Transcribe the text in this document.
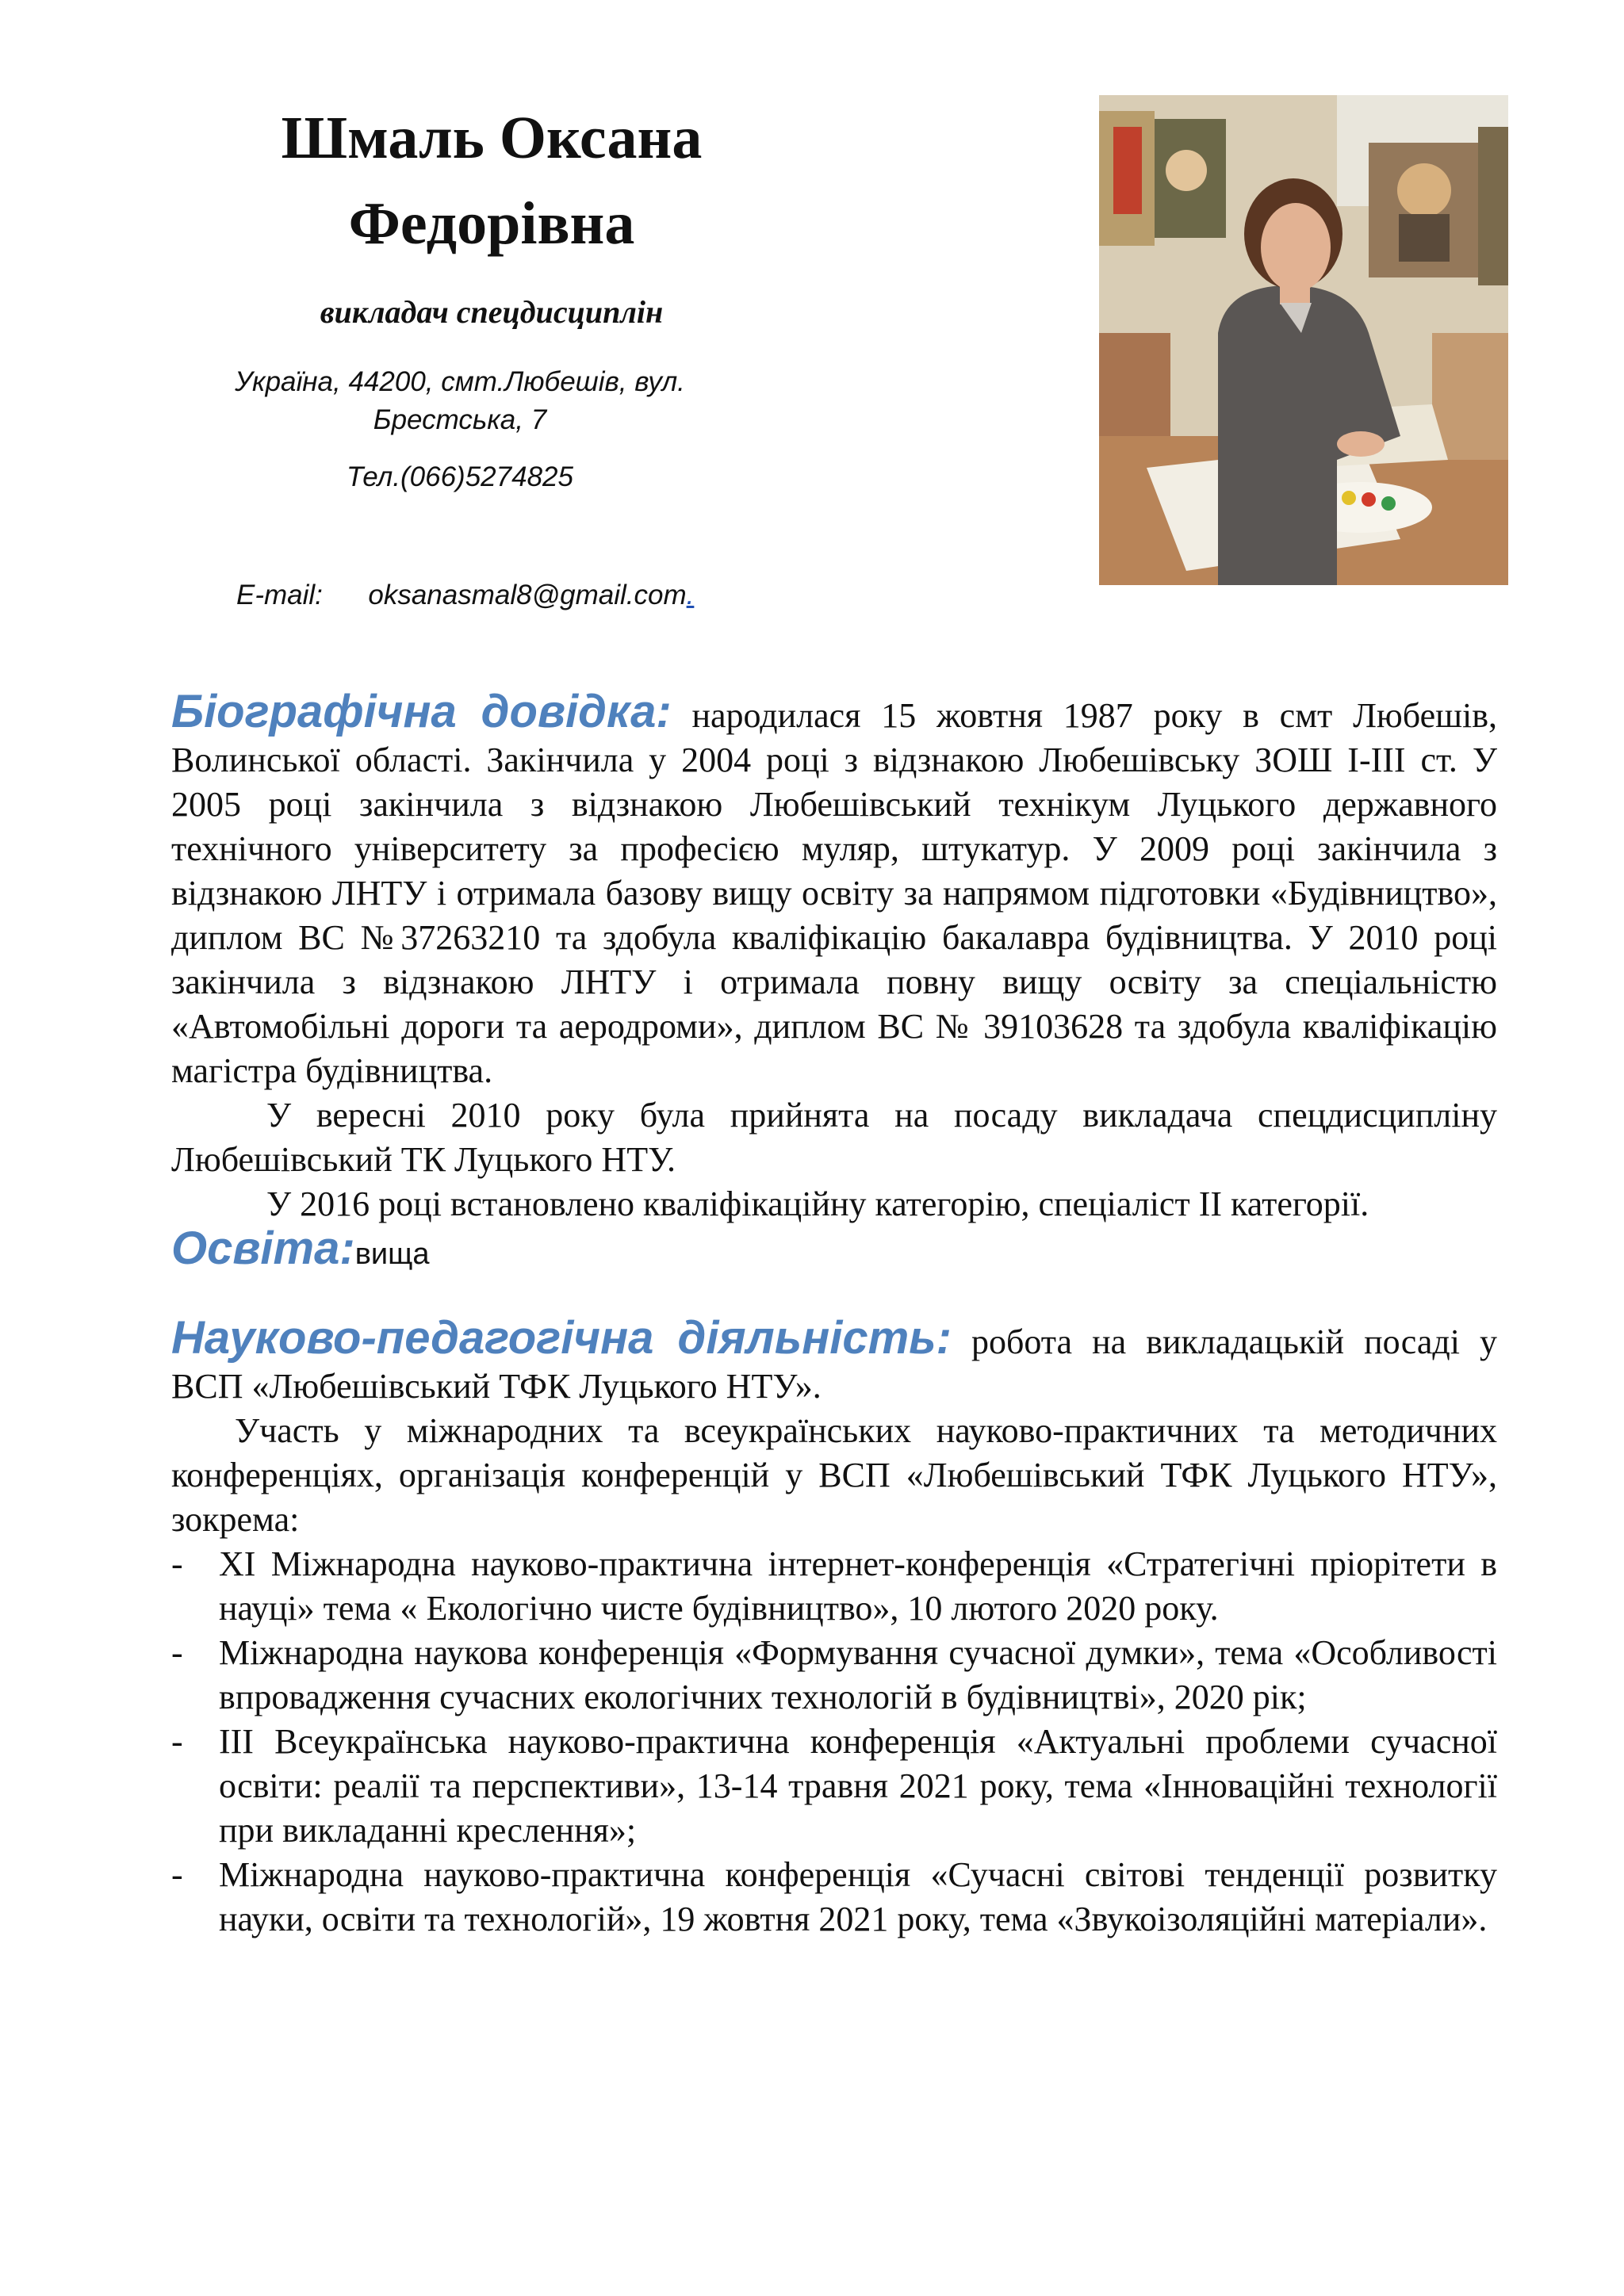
Шмаль Оксана
Федорівна
викладач спецдисциплін
Україна, 44200, смт.Любешів, вул.
Брестська, 7
Тел.(066)5274825
E-mail: oksanasmal8@gmail.com.

Біографічна довідка: народилася 15 жовтня 1987 року в смт Любешів, Волинської області. Закінчила у 2004 році з відзнакою Любешівську ЗОШ І-ІІІ ст. У 2005 році закінчила з відзнакою Любешівський технікум Луцького державного технічного університету за професією муляр, штукатур. У 2009 році закінчила з відзнакою ЛНТУ і отримала базову вищу освіту за напрямом підготовки «Будівництво», диплом ВС №37263210 та здобула кваліфікацію бакалавра будівництва. У 2010 році закінчила з відзнакою ЛНТУ і отримала повну вищу освіту за спеціальністю «Автомобільні дороги та аеродроми», диплом ВС № 39103628 та здобула кваліфікацію магістра будівництва.

У вересні 2010 року була прийнята на посаду викладача спецдисципліну Любешівський ТК Луцького НТУ.

У 2016 році встановлено кваліфікаційну категорію, спеціаліст ІІ категорії.

Освіта:вища

Науково-педагогічна діяльність: робота на викладацькій посаді у ВСП «Любешівський ТФК Луцького НТУ».

Участь у міжнародних та всеукраїнських науково-практичних та методичних конференціях, організація конференцій у ВСП «Любешівський ТФК Луцького НТУ», зокрема:

- ХІ Міжнародна науково-практична інтернет-конференція «Стратегічні пріорітети в науці» тема « Екологічно чисте будівництво», 10 лютого 2020 року.
- Міжнародна наукова конференція «Формування сучасної думки», тема «Особливості впровадження сучасних екологічних технологій в будівництві», 2020 рік;
- ІІІ Всеукраїнська науково-практична конференція «Актуальні проблеми сучасної освіти: реалії та перспективи», 13-14 травня 2021 року, тема «Інноваційні технології при викладанні креслення»;
- Міжнародна науково-практична конференція «Сучасні світові тенденції розвитку науки, освіти та технологій», 19 жовтня 2021 року, тема «Звукоізоляційні матеріали».
